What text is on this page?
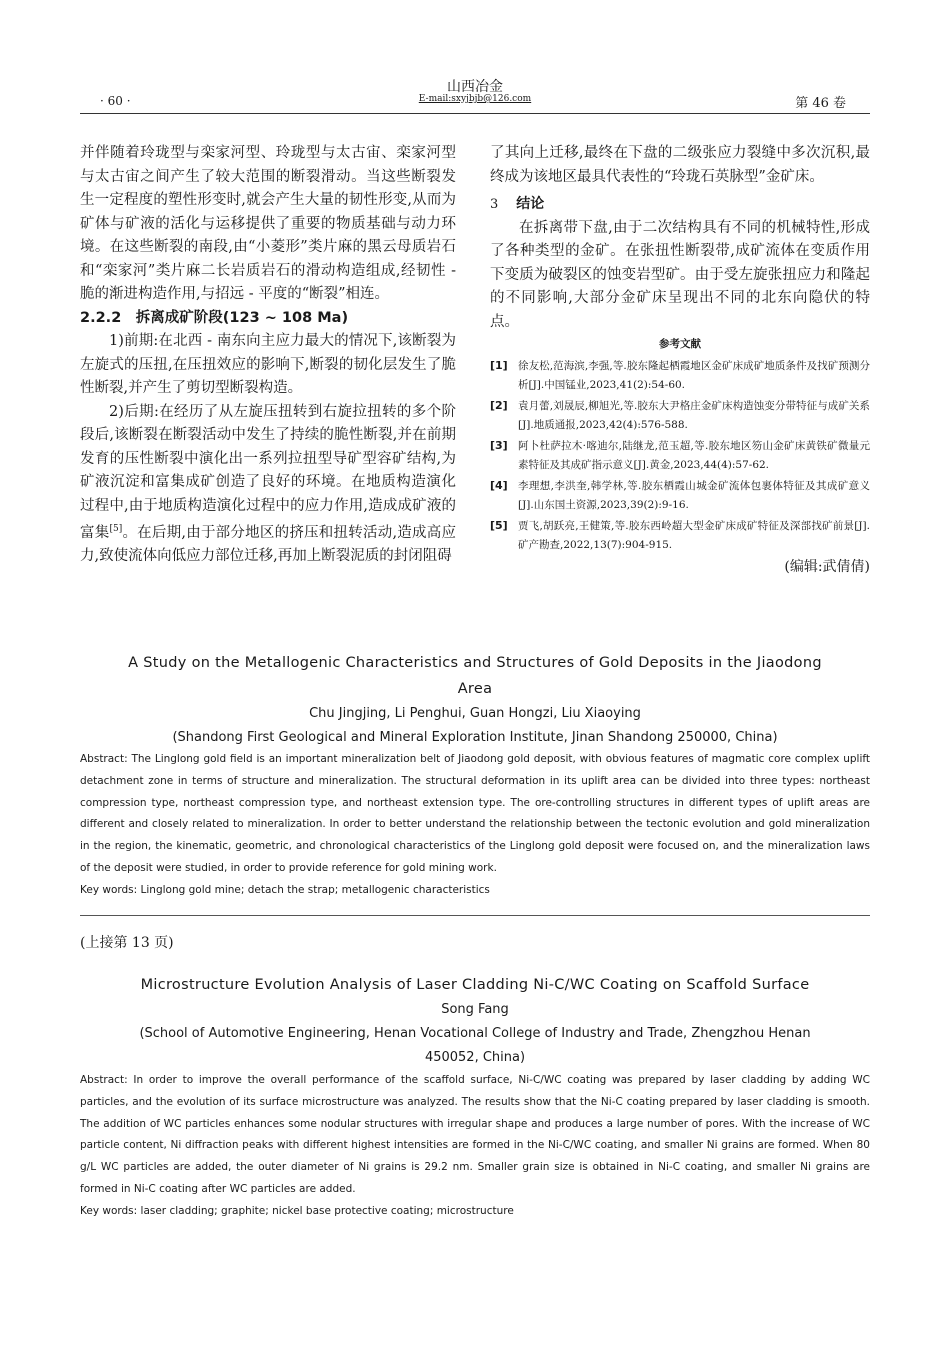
· 60 ·
山西冶金
E-mail:sxyjbjb@126.com	第 46 卷

并伴随着玲珑型与栾家河型、玲珑型与太古宙、栾家河型与太古宙之间产生了较大范围的断裂滑动。当这些断裂发生一定程度的塑性形变时,就会产生大量的韧性形变,从而为矿体与矿液的活化与运移提供了重要的物质基础与动力环境。在这些断裂的南段,由“小菱形”类片麻的黑云母质岩石和“栾家河”类片麻二长岩质岩石的滑动构造组成,经韧性 - 脆的渐进构造作用,与招远 - 平度的“断裂”相连。

2.2.2　拆离成矿阶段(123 ~ 108 Ma)

1)前期:在北西 - 南东向主应力最大的情况下,该断裂为左旋式的压扭,在压扭效应的影响下,断裂的韧化层发生了脆性断裂,并产生了剪切型断裂构造。

2)后期:在经历了从左旋压扭转到右旋拉扭转的多个阶段后,该断裂在断裂活动中发生了持续的脆性断裂,并在前期发育的压性断裂中演化出一系列拉扭型导矿型容矿结构,为矿液沉淀和富集成矿创造了良好的环境。在地质构造演化过程中,由于地质构造演化过程中的应力作用,造成成矿液的富集[5]。在后期,由于部分地区的挤压和扭转活动,造成高应力,致使流体向低应力部位迁移,再加上断裂泥质的封闭阻碍

了其向上迁移,最终在下盘的二级张应力裂缝中多次沉积,最终成为该地区最具代表性的“玲珑石英脉型”金矿床。

3 结论

在拆离带下盘,由于二次结构具有不同的机械特性,形成了各种类型的金矿。在张扭性断裂带,成矿流体在变质作用下变质为破裂区的蚀变岩型矿。由于受左旋张扭应力和隆起的不同影响,大部分金矿床呈现出不同的北东向隐伏的特点。

参考文献
[1] 徐友松,范海滨,李强,等.胶东隆起栖霞地区金矿床成矿地质条件及找矿预测分析[J].中国锰业,2023,41(2):54-60.
[2] 袁月蕾,刘晟辰,柳旭光,等.胶东大尹格庄金矿床构造蚀变分带特征与成矿关系[J].地质通报,2023,42(4):576-588.
[3] 阿卜杜萨拉木·喀迪尔,陆继龙,范玉超,等.胶东地区笏山金矿床黄铁矿微量元素特征及其成矿指示意义[J].黄金,2023,44(4):57-62.
[4] 李理想,李洪奎,韩学林,等.胶东栖霞山城金矿流体包裹体特征及其成矿意义[J].山东国土资源,2023,39(2):9-16.
[5] 贾飞,胡跃亮,王健策,等.胶东西岭超大型金矿床成矿特征及深部找矿前景[J].矿产勘查,2022,13(7):904-915.
(编辑:武倩倩)
A Study on the Metallogenic Characteristics and Structures of Gold Deposits in the Jiaodong
Area
Chu Jingjing, Li Penghui, Guan Hongzi, Liu Xiaoying
(Shandong First Geological and Mineral Exploration Institute, Jinan Shandong 250000, China)
Abstract: The Linglong gold field is an important mineralization belt of Jiaodong gold deposit, with obvious features of magmatic core complex uplift detachment zone in terms of structure and mineralization. The structural deformation in its uplift area can be divided into three types: northeast compression type, northeast compression type, and northeast extension type. The ore-controlling structures in different types of uplift areas are different and closely related to mineralization. In order to better understand the relationship between the tectonic evolution and gold mineralization in the region, the kinematic, geometric, and chronological characteristics of the Linglong gold deposit were focused on, and the mineralization laws of the deposit were studied, in order to provide reference for gold mining work.
Key words: Linglong gold mine; detach the strap; metallogenic characteristics
(上接第 13 页)
Microstructure Evolution Analysis of Laser Cladding Ni-C/WC Coating on Scaffold Surface
Song Fang
(School of Automotive Engineering, Henan Vocational College of Industry and Trade, Zhengzhou Henan
450052, China)
Abstract: In order to improve the overall performance of the scaffold surface, Ni-C/WC coating was prepared by laser cladding by adding WC particles, and the evolution of its surface microstructure was analyzed. The results show that the Ni-C coating prepared by laser cladding is smooth. The addition of WC particles enhances some nodular structures with irregular shape and produces a large number of pores. With the increase of WC particle content, Ni diffraction peaks with different highest intensities are formed in the Ni-C/WC coating, and smaller Ni grains are formed. When 80 g/L WC particles are added, the outer diameter of Ni grains is 29.2 nm. Smaller grain size is obtained in Ni-C coating, and smaller Ni grains are formed in Ni-C coating after WC particles are added.
Key words: laser cladding; graphite; nickel base protective coating; microstructure
